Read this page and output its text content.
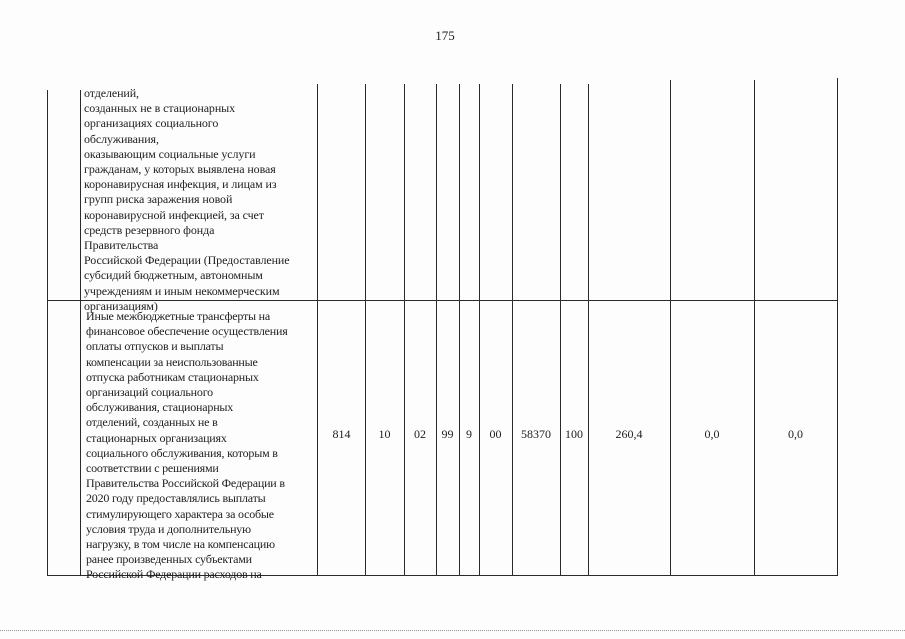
175
отделений,
созданных не в стационарных
организациях социального
обслуживания,
оказывающим социальные услуги
гражданам, у которых выявлена новая
коронавирусная инфекция, и лицам из
групп риска заражения новой
коронавирусной инфекцией, за счет
средств резервного фонда
Правительства
Российской Федерации (Предоставление
субсидий бюджетным, автономным
учреждениям и иным некоммерческим
организациям)
Иные межбюджетные трансферты на
финансовое обеспечение осуществления
оплаты отпусков и выплаты
компенсации за неиспользованные
отпуска работникам стационарных
организаций социального
обслуживания, стационарных
отделений, созданных не в
стационарных организациях
социального обслуживания, которым в
соответствии с решениями
Правительства Российской Федерации в
2020 году предоставлялись выплаты
стимулирующего характера за особые
условия труда и дополнительную
нагрузку, в том числе на компенсацию
ранее произведенных субъектами
Российской Федерации расходов на
814	10	02	99	9	00	58370	100	260,4	0,0	0,0
